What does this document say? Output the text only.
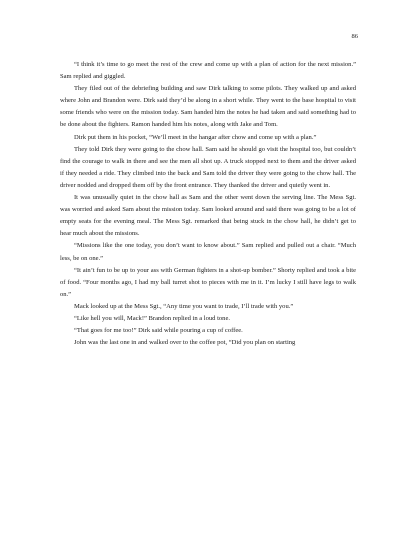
86

“I think it’s time to go meet the rest of the crew and come up with a plan of action for the next mission.” Sam replied and giggled.

They filed out of the debriefing building and saw Dirk talking to some pilots. They walked up and asked where John and Brandon were. Dirk said they’d be along in a short while. They went to the base hospital to visit some friends who were on the mission today. Sam handed him the notes he had taken and said something had to be done about the fighters. Ramon handed him his notes, along with Jake and Tom.

Dirk put them in his pocket, “We’ll meet in the hangar after chow and come up with a plan.”

They told Dirk they were going to the chow hall. Sam said he should go visit the hospital too, but couldn’t find the courage to walk in there and see the men all shot up. A truck stopped next to them and the driver asked if they needed a ride. They climbed into the back and Sam told the driver they were going to the chow hall. The driver nodded and dropped them off by the front entrance. They thanked the driver and quietly went in.

It was unusually quiet in the chow hall as Sam and the other went down the serving line. The Mess Sgt. was worried and asked Sam about the mission today. Sam looked around and said there was going to be a lot of empty seats for the evening meal. The Mess Sgt. remarked that being stuck in the chow hall, he didn’t get to hear much about the missions.

“Missions like the one today, you don’t want to know about.” Sam replied and pulled out a chair. “Much less, be on one.”

“It ain’t fun to be up to your ass with German fighters in a shot-up bomber.” Shorty replied and took a bite of food. “Four months ago, I had my ball turret shot to pieces with me in it. I’m lucky I still have legs to walk on.”

Mack looked up at the Mess Sgt., “Any time you want to trade, I’ll trade with you.”

“Like hell you will, Mack!” Brandon replied in a loud tone.

“That goes for me too!” Dirk said while pouring a cup of coffee.

John was the last one in and walked over to the coffee pot, “Did you plan on starting
